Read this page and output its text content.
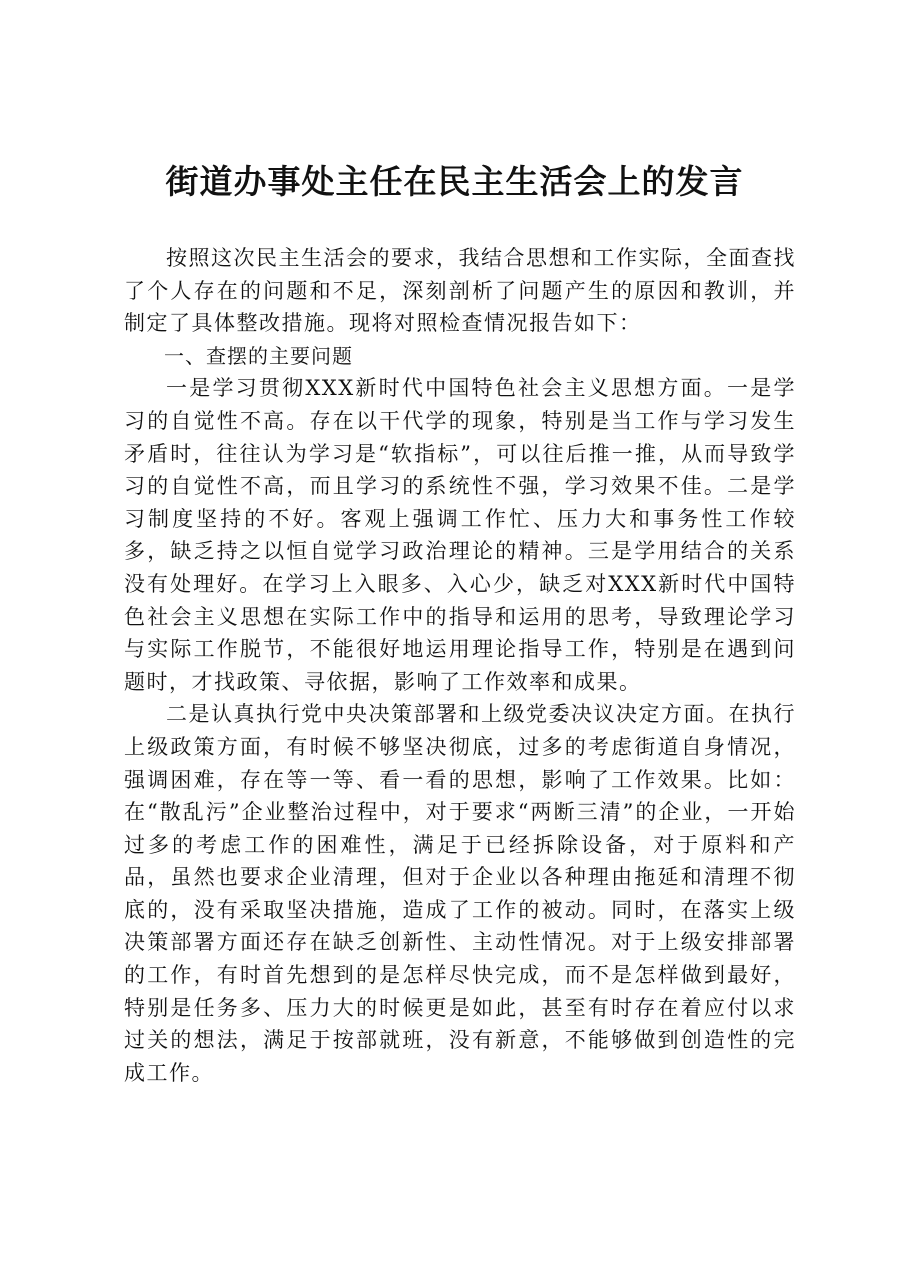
街道办事处主任在民主生活会上的发言

按照这次民主生活会的要求，我结合思想和工作实际，全面查找了个人存在的问题和不足，深刻剖析了问题产生的原因和教训，并制定了具体整改措施。现将对照检查情况报告如下：

一、查摆的主要问题

一是学习贯彻XXX新时代中国特色社会主义思想方面。一是学习的自觉性不高。存在以干代学的现象，特别是当工作与学习发生矛盾时，往往认为学习是“软指标”，可以往后推一推，从而导致学习的自觉性不高，而且学习的系统性不强，学习效果不佳。二是学习制度坚持的不好。客观上强调工作忙、压力大和事务性工作较多，缺乏持之以恒自觉学习政治理论的精神。三是学用结合的关系没有处理好。在学习上入眼多、入心少，缺乏对XXX新时代中国特色社会主义思想在实际工作中的指导和运用的思考，导致理论学习与实际工作脱节，不能很好地运用理论指导工作，特别是在遇到问题时，才找政策、寻依据，影响了工作效率和成果。

二是认真执行党中央决策部署和上级党委决议决定方面。在执行上级政策方面，有时候不够坚决彻底，过多的考虑街道自身情况，强调困难，存在等一等、看一看的思想，影响了工作效果。比如：在“散乱污”企业整治过程中，对于要求“两断三清”的企业，一开始过多的考虑工作的困难性，满足于已经拆除设备，对于原料和产品，虽然也要求企业清理，但对于企业以各种理由拖延和清理不彻底的，没有采取坚决措施，造成了工作的被动。同时，在落实上级决策部署方面还存在缺乏创新性、主动性情况。对于上级安排部署的工作，有时首先想到的是怎样尽快完成，而不是怎样做到最好，特别是任务多、压力大的时候更是如此，甚至有时存在着应付以求过关的想法，满足于按部就班，没有新意，不能够做到创造性的完成工作。
